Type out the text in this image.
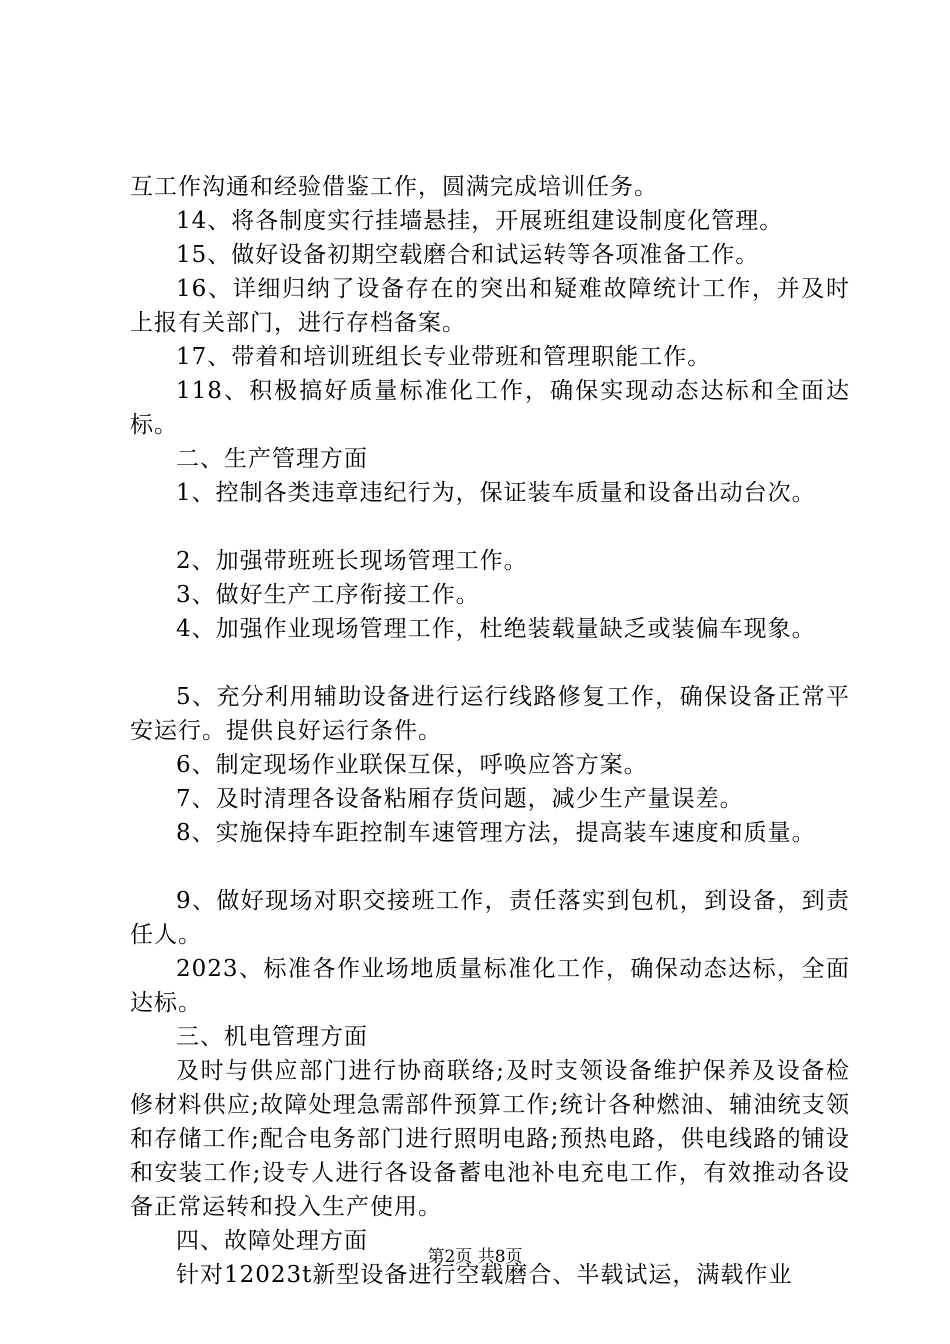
互工作沟通和经验借鉴工作，圆满完成培训任务。

14、将各制度实行挂墙悬挂，开展班组建设制度化管理。

15、做好设备初期空载磨合和试运转等各项准备工作。

16、详细归纳了设备存在的突出和疑难故障统计工作，并及时上报有关部门，进行存档备案。

17、带着和培训班组长专业带班和管理职能工作。

118、积极搞好质量标准化工作，确保实现动态达标和全面达标。

二、生产管理方面

1、控制各类违章违纪行为，保证装车质量和设备出动台次。

2、加强带班班长现场管理工作。

3、做好生产工序衔接工作。

4、加强作业现场管理工作，杜绝装载量缺乏或装偏车现象。

5、充分利用辅助设备进行运行线路修复工作，确保设备正常平安运行。提供良好运行条件。

6、制定现场作业联保互保，呼唤应答方案。

7、及时清理各设备粘厢存货问题，减少生产量误差。

8、实施保持车距控制车速管理方法，提高装车速度和质量。

9、做好现场对职交接班工作，责任落实到包机，到设备，到责任人。

2023、标准各作业场地质量标准化工作，确保动态达标，全面达标。

三、机电管理方面

及时与供应部门进行协商联络;及时支领设备维护保养及设备检修材料供应;故障处理急需部件预算工作;统计各种燃油、辅油统支领和存储工作;配合电务部门进行照明电路;预热电路，供电线路的铺设和安装工作;设专人进行各设备蓄电池补电充电工作，有效推动各设备正常运转和投入生产使用。

四、故障处理方面

针对12023t新型设备进行空载磨合、半载试运，满载作业

第2页 共8页
